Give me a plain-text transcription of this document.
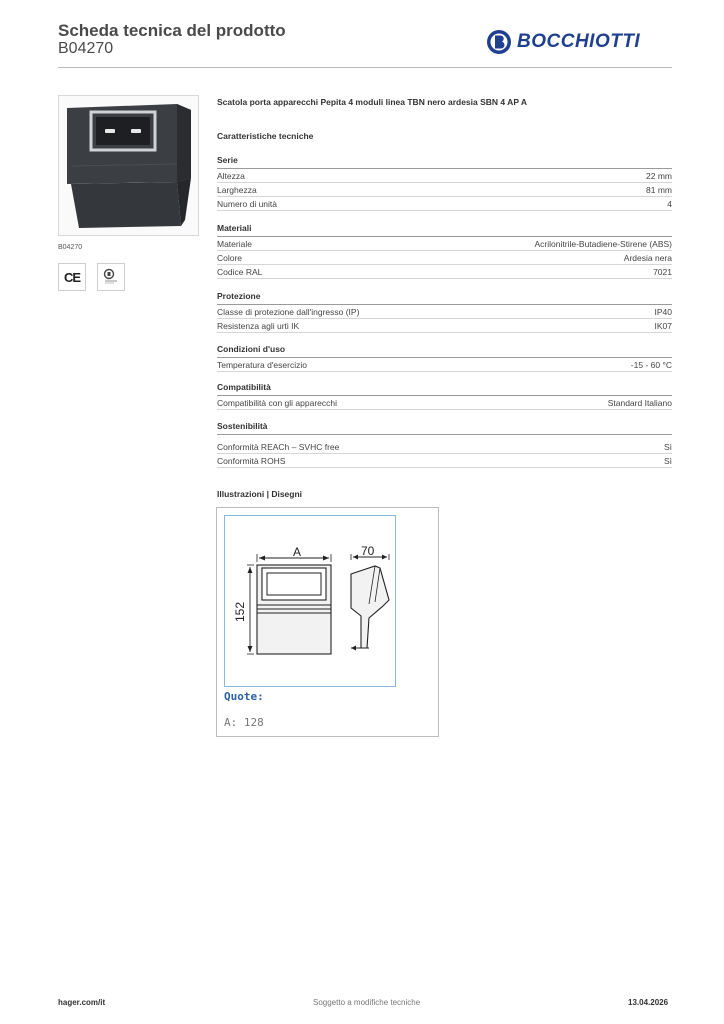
Scheda tecnica del prodotto
B04270	BOCCHIOTTI
B04270
CE
Scatola porta apparecchi Pepita 4 moduli linea TBN nero ardesia SBN 4 AP A
Caratteristiche tecniche
Serie
Altezza	22 mm
Larghezza	81 mm
Numero di unità	4
Materiali
Materiale	Acrilonitrile-Butadiene-Stirene (ABS)
Colore	Ardesia nera
Codice RAL	7021
Protezione
Classe di protezione dall'ingresso (IP)	IP40
Resistenza agli urti IK	IK07
Condizioni d'uso
Temperatura d'esercizio	-15 - 60 °C
Compatibilità
Compatibilità con gli apparecchi	Standard Italiano
Sostenibilità
Conformità REACh – SVHC free	Sì
Conformità ROHS	Sì
Illustrazioni | Disegni
A	70
152
Quote:
A: 128
hager.com/it	Soggetto a modifiche tecniche	13.04.2026
